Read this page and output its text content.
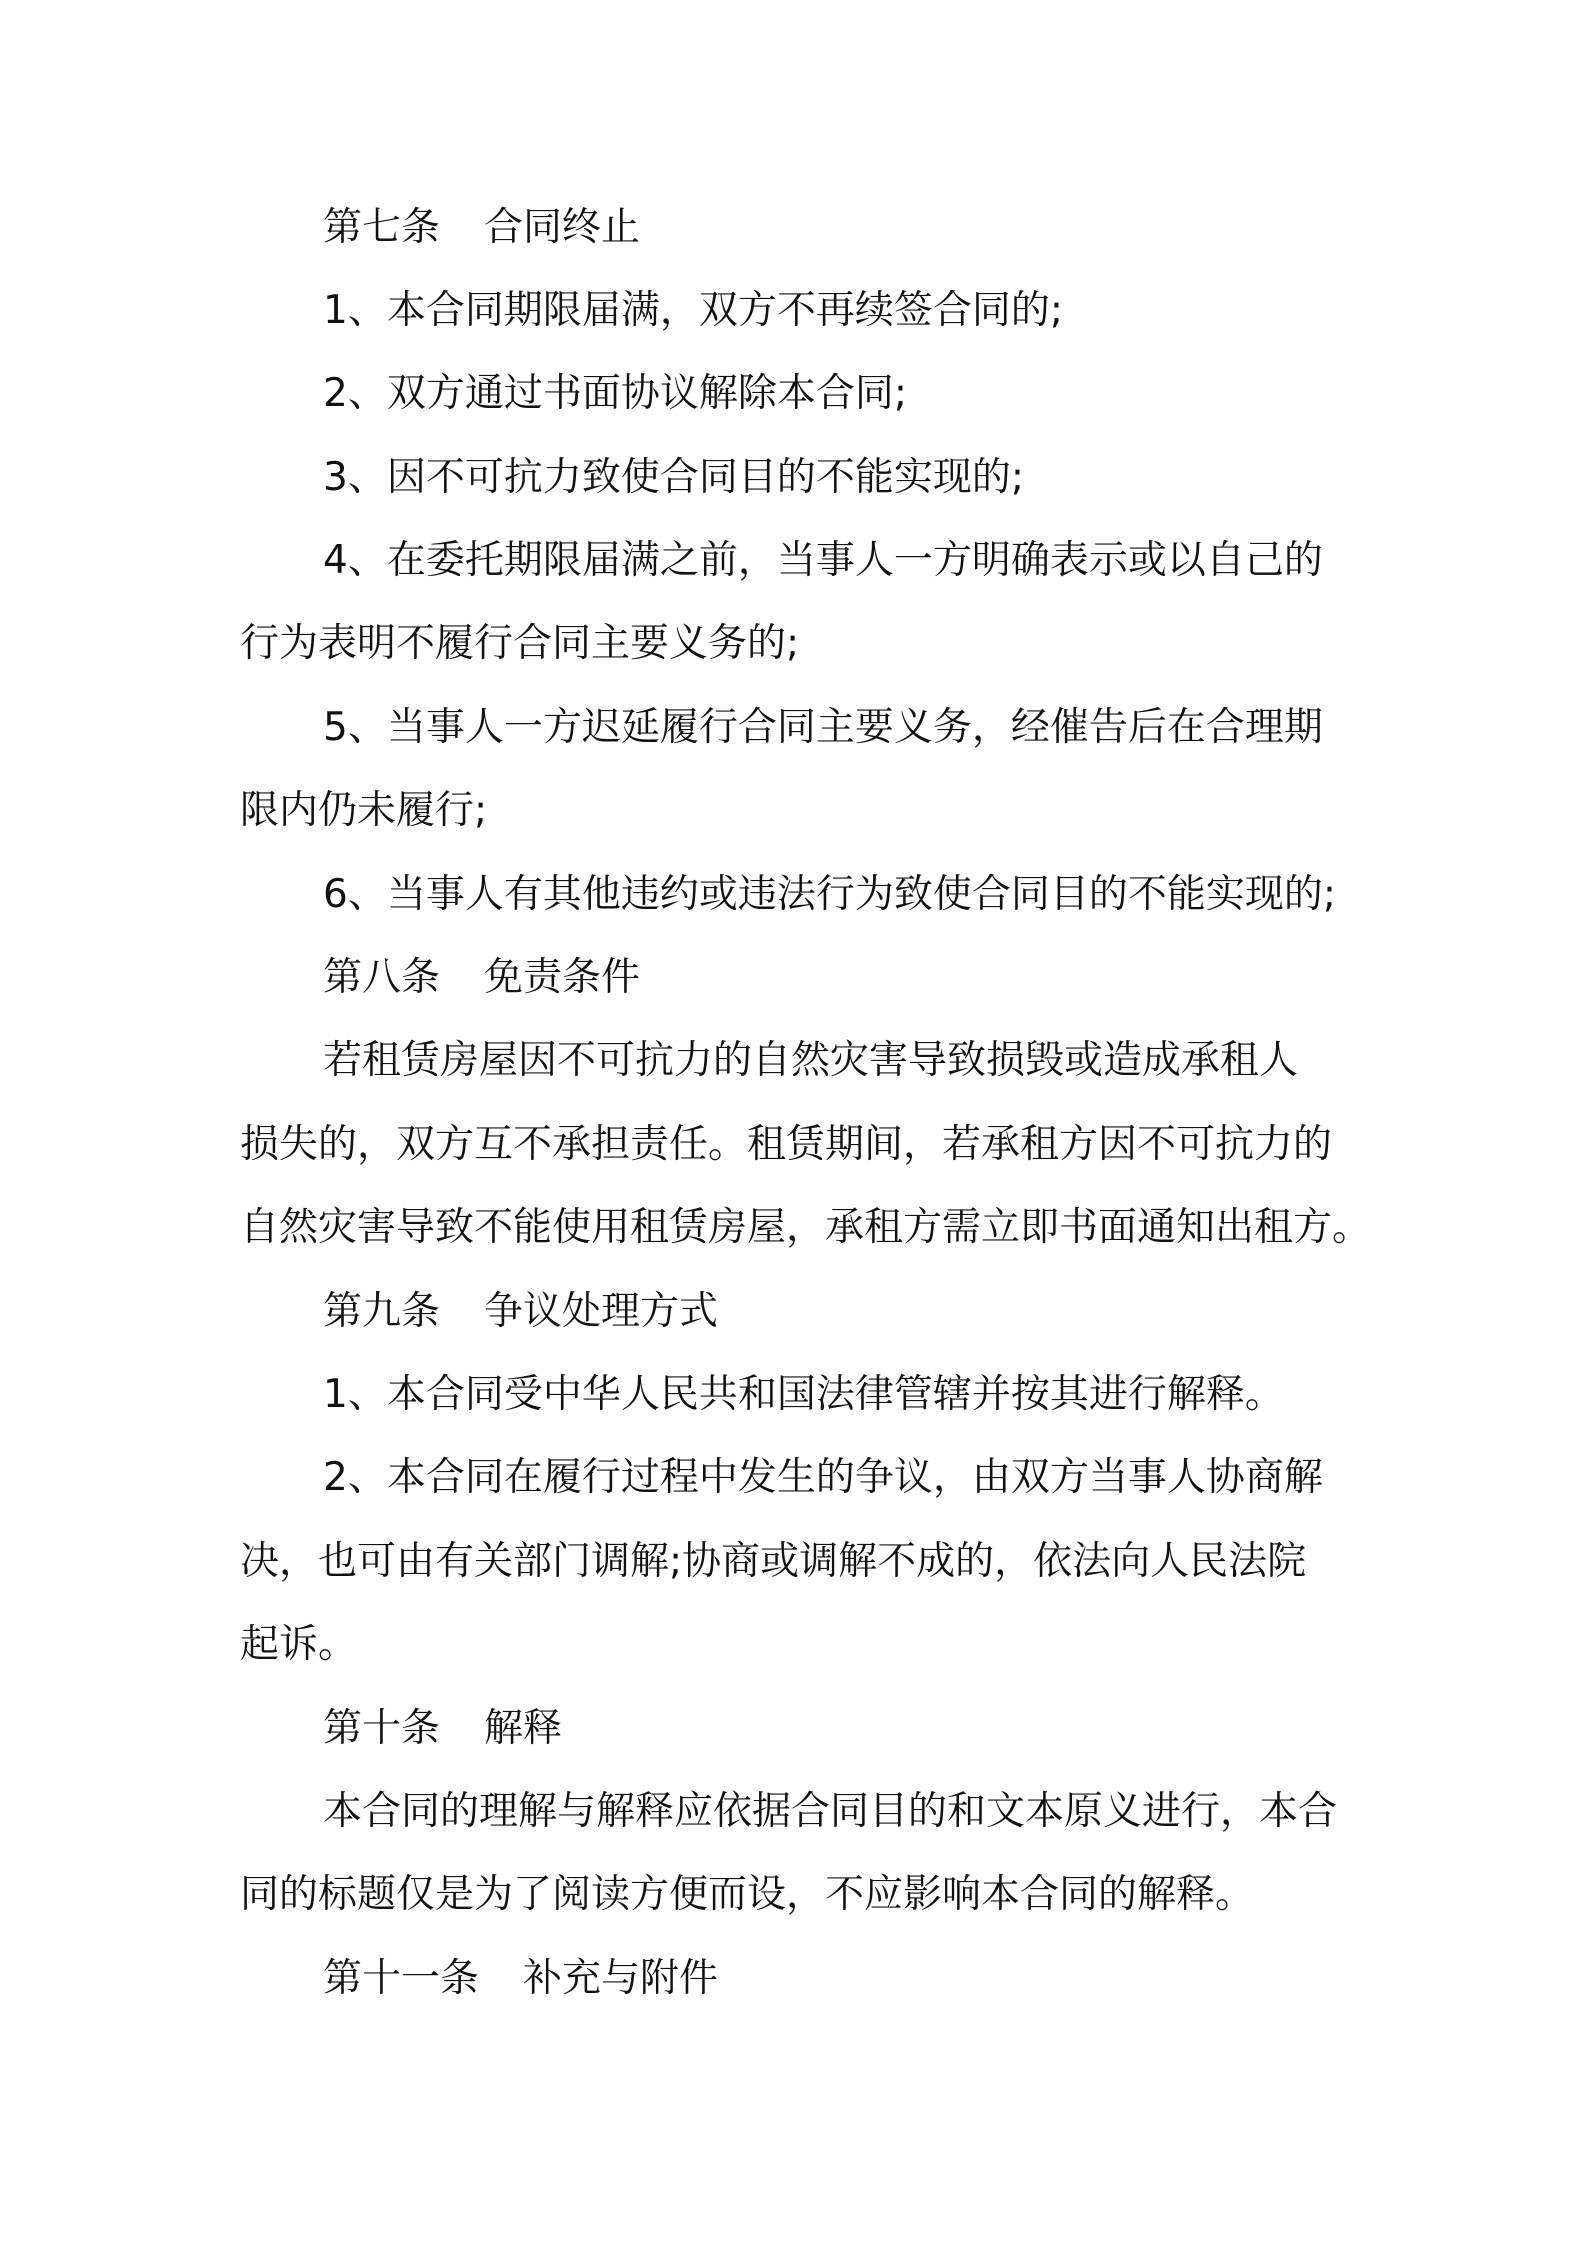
第七条 合同终止
1、本合同期限届满，双方不再续签合同的;
2、双方通过书面协议解除本合同;
3、因不可抗力致使合同目的不能实现的;
4、在委托期限届满之前，当事人一方明确表示或以自己的
行为表明不履行合同主要义务的;
5、当事人一方迟延履行合同主要义务，经催告后在合理期
限内仍未履行;
6、当事人有其他违约或违法行为致使合同目的不能实现的;
第八条 免责条件
若租赁房屋因不可抗力的自然灾害导致损毁或造成承租人
损失的，双方互不承担责任。租赁期间，若承租方因不可抗力的
自然灾害导致不能使用租赁房屋，承租方需立即书面通知出租方。
第九条 争议处理方式
1、本合同受中华人民共和国法律管辖并按其进行解释。
2、本合同在履行过程中发生的争议，由双方当事人协商解
决，也可由有关部门调解;协商或调解不成的，依法向人民法院
起诉。
第十条 解释
本合同的理解与解释应依据合同目的和文本原义进行，本合
同的标题仅是为了阅读方便而设，不应影响本合同的解释。
第十一条 补充与附件
